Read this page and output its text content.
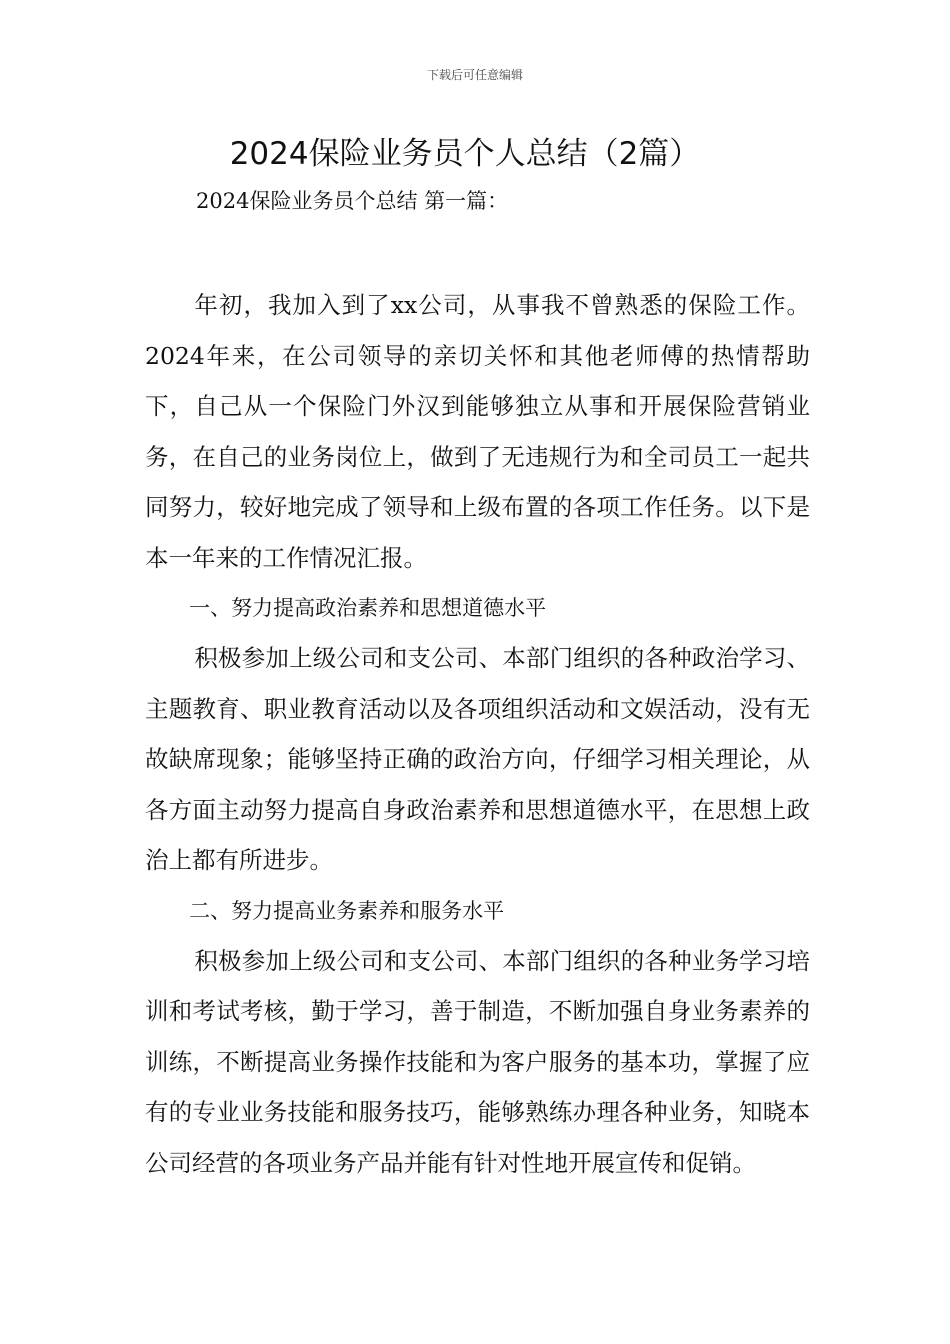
下载后可任意编辑
2024保险业务员个人总结（2篇）
2024保险业务员个总结 第一篇：

年初，我加入到了xx公司，从事我不曾熟悉的保险工作。2024年来，在公司领导的亲切关怀和其他老师傅的热情帮助下，自己从一个保险门外汉到能够独立从事和开展保险营销业务，在自己的业务岗位上，做到了无违规行为和全司员工一起共同努力，较好地完成了领导和上级布置的各项工作任务。以下是本一年来的工作情况汇报。

一、努力提高政治素养和思想道德水平

积极参加上级公司和支公司、本部门组织的各种政治学习、主题教育、职业教育活动以及各项组织活动和文娱活动，没有无故缺席现象；能够坚持正确的政治方向，仔细学习相关理论，从各方面主动努力提高自身政治素养和思想道德水平，在思想上政治上都有所进步。

二、努力提高业务素养和服务水平

积极参加上级公司和支公司、本部门组织的各种业务学习培训和考试考核，勤于学习，善于制造，不断加强自身业务素养的训练，不断提高业务操作技能和为客户服务的基本功，掌握了应有的专业业务技能和服务技巧，能够熟练办理各种业务，知晓本公司经营的各项业务产品并能有针对性地开展宣传和促销。
